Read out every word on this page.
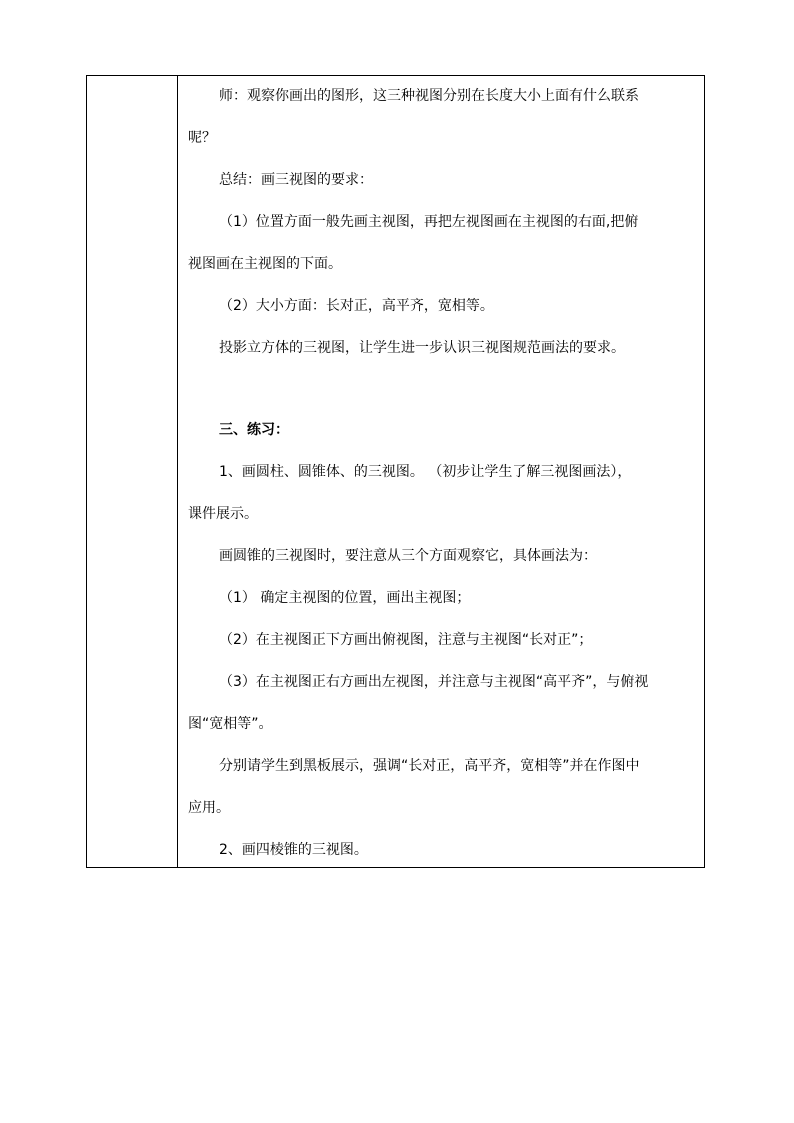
师：观察你画出的图形，这三种视图分别在长度大小上面有什么联系
呢？
总结：画三视图的要求：
（1）位置方面一般先画主视图，再把左视图画在主视图的右面,把俯
视图画在主视图的下面。
（2）大小方面：长对正，高平齐，宽相等。
投影立方体的三视图，让学生进一步认识三视图规范画法的要求。
三、练习：
1、画圆柱、圆锥体、的三视图。 （初步让学生了解三视图画法），
课件展示。
画圆锥的三视图时，要注意从三个方面观察它，具体画法为：
（1） 确定主视图的位置，画出主视图；
（2）在主视图正下方画出俯视图，注意与主视图“长对正”；
（3）在主视图正右方画出左视图，并注意与主视图“高平齐”，与俯视
图“宽相等”。
分别请学生到黑板展示，强调“长对正，高平齐，宽相等”并在作图中
应用。
2、画四棱锥的三视图。
